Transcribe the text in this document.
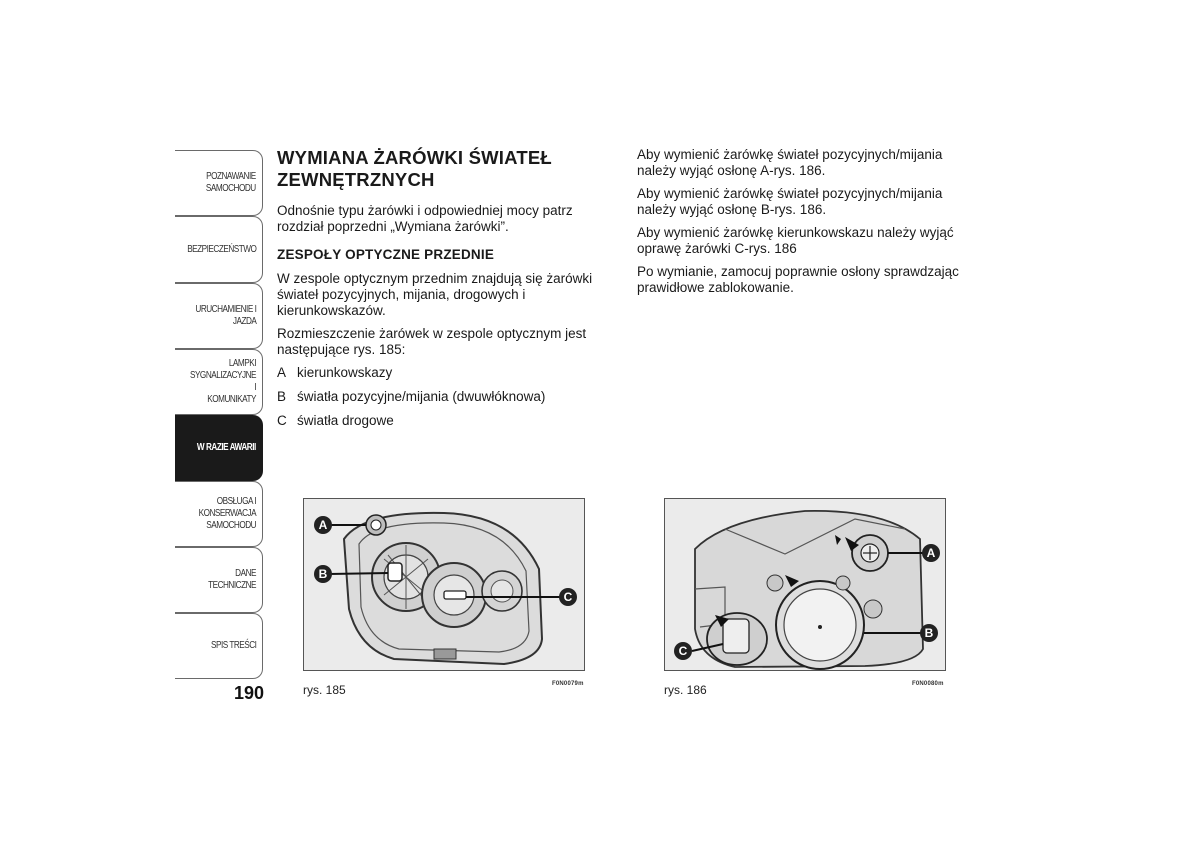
POZNAWANIE
SAMOCHODU
BEZPIECZEŃSTWO
URUCHAMIENIE I
JAZDA
LAMPKI
SYGNALIZACYJNE I
KOMUNIKATY
W RAZIE AWARII
OBSŁUGA I
KONSERWACJA
SAMOCHODU
DANE TECHNICZNE
SPIS TREŚCI
190
WYMIANA ŻARÓWKI ŚWIATEŁ ZEWNĘTRZNYCH

Odnośnie typu żarówki i odpowiedniej mocy patrz rozdział poprzedni „Wymiana żarówki”.

ZESPOŁY OPTYCZNE PRZEDNIE

W zespole optycznym przednim znajdują się żarówki świateł pozycyjnych, mijania, drogowych i kierunkowskazów.

Rozmieszczenie żarówek w zespole optycznym jest następujące rys. 185:

A kierunkowskazy
B światła pozycyjne/mijania (dwuwłóknowa)
C światła drogowe

Aby wymienić żarówkę świateł pozycyjnych/mijania należy wyjąć osłonę A-rys. 186.

Aby wymienić żarówkę świateł pozycyjnych/mijania należy wyjąć osłonę B-rys. 186.

Aby wymienić żarówkę kierunkowskazu należy wyjąć oprawę żarówki C-rys. 186

Po wymianie, zamocuj poprawnie osłony sprawdzając prawidłowe zablokowanie.

A
B
C
rys. 185	F0N0079m
A
B
C
rys. 186	F0N0080m
